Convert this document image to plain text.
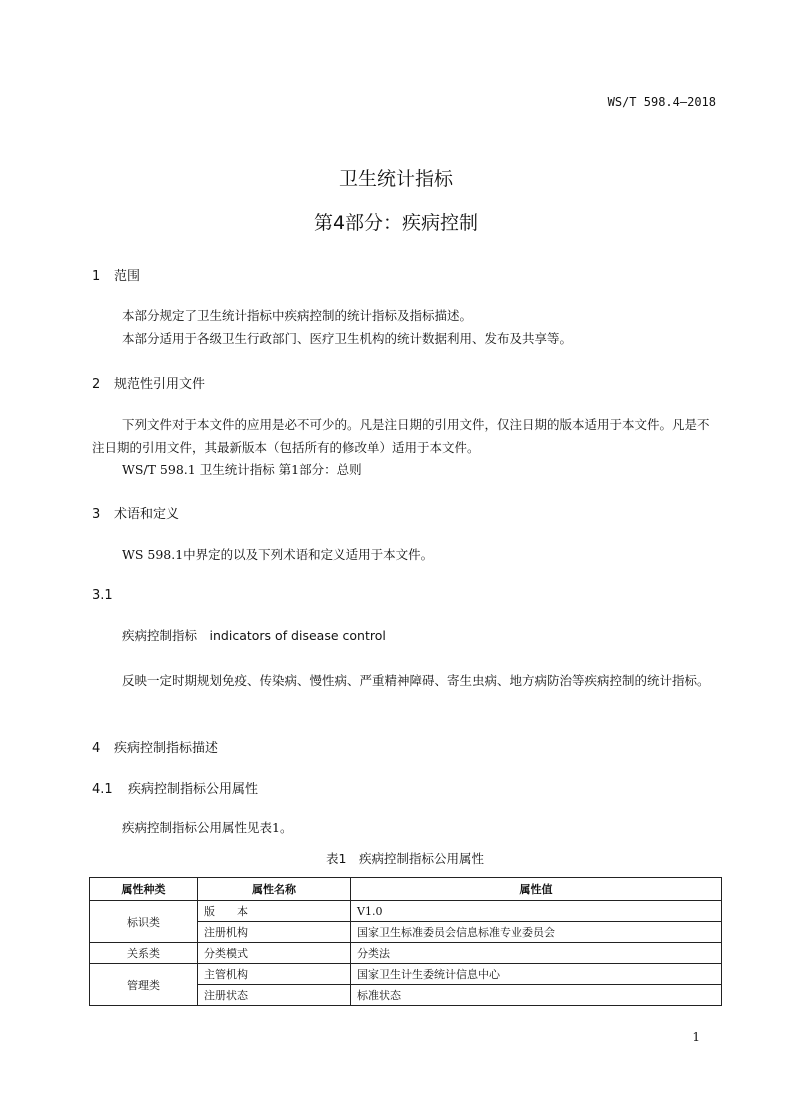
WS/T 598.4—2018
卫生统计指标
第4部分：疾病控制
1 范围
本部分规定了卫生统计指标中疾病控制的统计指标及指标描述。
本部分适用于各级卫生行政部门、医疗卫生机构的统计数据利用、发布及共享等。
2 规范性引用文件
下列文件对于本文件的应用是必不可少的。凡是注日期的引用文件，仅注日期的版本适用于本文件。凡是不注日期的引用文件，其最新版本（包括所有的修改单）适用于本文件。
WS/T 598.1 卫生统计指标 第1部分：总则
3 术语和定义
WS 598.1中界定的以及下列术语和定义适用于本文件。
3.1
疾病控制指标　 indicators of disease control
反映一定时期规划免疫、传染病、慢性病、严重精神障碍、寄生虫病、地方病防治等疾病控制的统计指标。
4 疾病控制指标描述
4.1 疾病控制指标公用属性
疾病控制指标公用属性见表1。
表1　疾病控制指标公用属性
属性种类	属性名称	属性值
标识类	版　　本	V1.0
	注册机构	国家卫生标准委员会信息标准专业委员会
关系类	分类模式	分类法
管理类	主管机构	国家卫生计生委统计信息中心
	注册状态	标准状态
1
